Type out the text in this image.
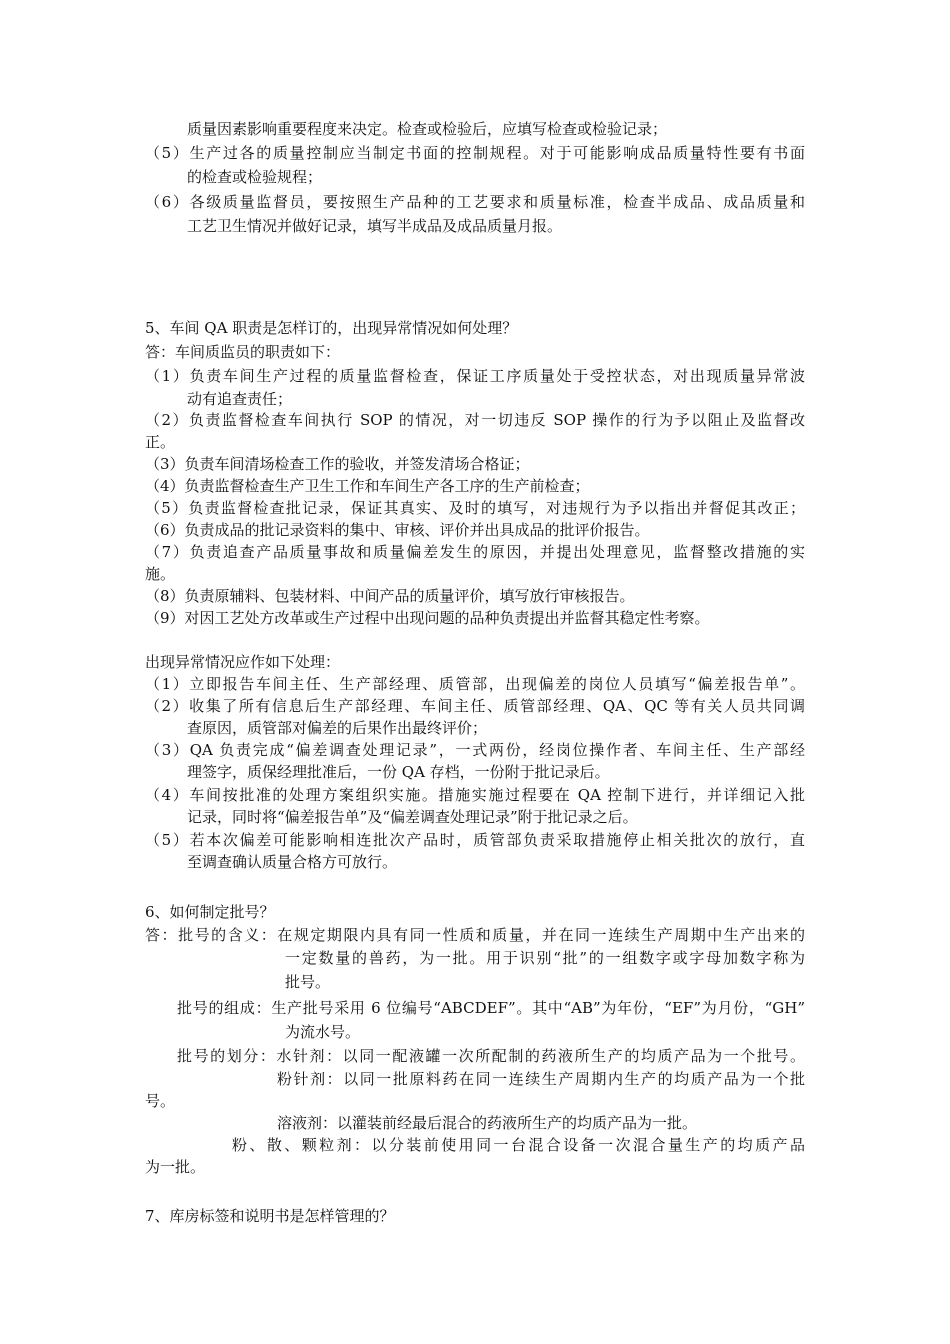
质量因素影响重要程度来决定。检查或检验后，应填写检查或检验记录；
（5）生产过各的质量控制应当制定书面的控制规程。对于可能影响成品质量特性要有书面
的检查或检验规程；
（6）各级质量监督员，要按照生产品种的工艺要求和质量标准，检查半成品、成品质量和
工艺卫生情况并做好记录，填写半成品及成品质量月报。
5、车间 QA 职责是怎样订的，出现异常情况如何处理？
答：车间质监员的职责如下：
（1）负责车间生产过程的质量监督检查，保证工序质量处于受控状态，对出现质量异常波
动有追查责任；
（2）负责监督检查车间执行 SOP 的情况，对一切违反 SOP 操作的行为予以阻止及监督改
正。
（3）负责车间清场检查工作的验收，并签发清场合格证；
（4）负责监督检查生产卫生工作和车间生产各工序的生产前检查；
（5）负责监督检查批记录，保证其真实、及时的填写，对违规行为予以指出并督促其改正；
（6）负责成品的批记录资料的集中、审核、评价并出具成品的批评价报告。
（7）负责追查产品质量事故和质量偏差发生的原因，并提出处理意见，监督整改措施的实
施。
（8）负责原辅料、包装材料、中间产品的质量评价，填写放行审核报告。
（9）对因工艺处方改革或生产过程中出现问题的品种负责提出并监督其稳定性考察。
出现异常情况应作如下处理：
（1）立即报告车间主任、生产部经理、质管部，出现偏差的岗位人员填写“偏差报告单”。
（2）收集了所有信息后生产部经理、车间主任、质管部经理、QA、QC 等有关人员共同调
查原因，质管部对偏差的后果作出最终评价；
（3）QA 负责完成“偏差调查处理记录”，一式两份，经岗位操作者、车间主任、生产部经
理签字，质保经理批准后，一份 QA 存档，一份附于批记录后。
（4）车间按批准的处理方案组织实施。措施实施过程要在 QA 控制下进行，并详细记入批
记录，同时将“偏差报告单”及“偏差调查处理记录”附于批记录之后。
（5）若本次偏差可能影响相连批次产品时，质管部负责采取措施停止相关批次的放行，直
至调查确认质量合格方可放行。
6、如何制定批号？
答：批号的含义：在规定期限内具有同一性质和质量，并在同一连续生产周期中生产出来的
一定数量的兽药，为一批。用于识别“批”的一组数字或字母加数字称为
批号。
批号的组成：生产批号采用 6 位编号“ABCDEF”。其中“AB”为年份，“EF”为月份，“GH”
为流水号。
批号的划分：水针剂：以同一配液罐一次所配制的药液所生产的均质产品为一个批号。
粉针剂：以同一批原料药在同一连续生产周期内生产的均质产品为一个批
号。
溶液剂：以灌装前经最后混合的药液所生产的均质产品为一批。
粉、散、颗粒剂：以分装前使用同一台混合设备一次混合量生产的均质产品
为一批。
7、库房标签和说明书是怎样管理的？
